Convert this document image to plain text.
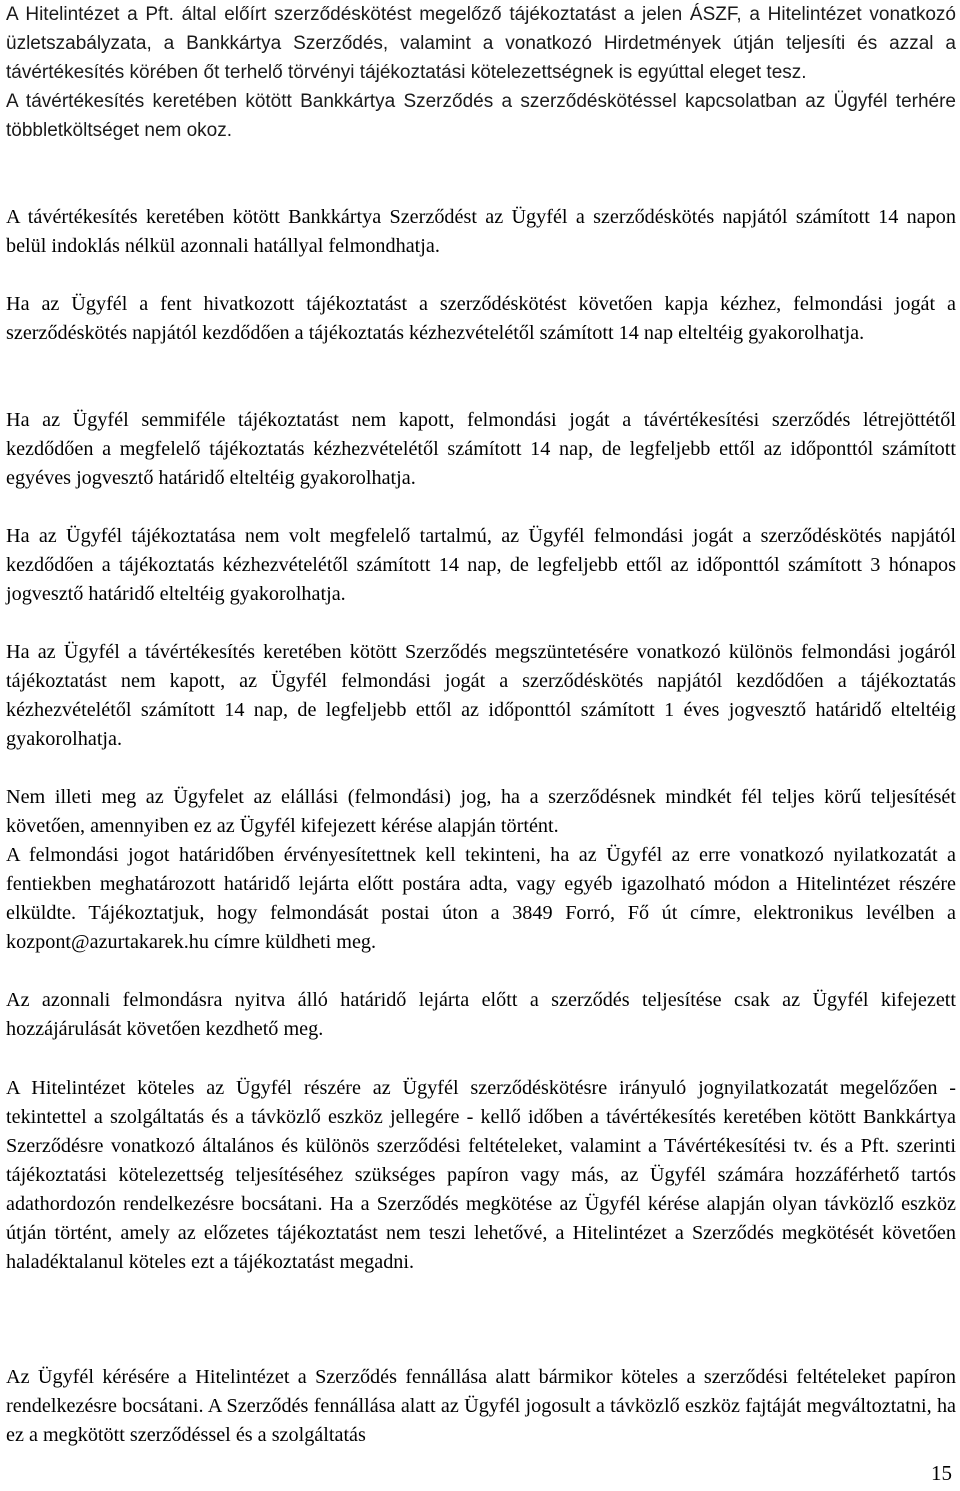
A Hitelintézet a Pft. által előírt szerződéskötést megelőző tájékoztatást a jelen ÁSZF, a Hitelintézet vonatkozó üzletszabályzata, a Bankkártya Szerződés, valamint a vonatkozó Hirdetmények útján teljesíti és azzal a távértékesítés körében őt terhelő törvényi tájékoztatási kötelezettségnek is egyúttal eleget tesz.

A távértékesítés keretében kötött Bankkártya Szerződés a szerződéskötéssel kapcsolatban az Ügyfél terhére többletköltséget nem okoz.

A távértékesítés keretében kötött Bankkártya Szerződést az Ügyfél a szerződéskötés napjától számított 14 napon belül indoklás nélkül azonnali hatállyal felmondhatja.

Ha az Ügyfél a fent hivatkozott tájékoztatást a szerződéskötést követően kapja kézhez, felmondási jogát a szerződéskötés napjától kezdődően a tájékoztatás kézhezvételétől számított 14 nap elteltéig gyakorolhatja.

Ha az Ügyfél semmiféle tájékoztatást nem kapott, felmondási jogát a távértékesítési szerződés létrejöttétől kezdődően a megfelelő tájékoztatás kézhezvételétől számított 14 nap, de legfeljebb ettől az időponttól számított egyéves jogvesztő határidő elteltéig gyakorolhatja.

Ha az Ügyfél tájékoztatása nem volt megfelelő tartalmú, az Ügyfél felmondási jogát a szerződéskötés napjától kezdődően a tájékoztatás kézhezvételétől számított 14 nap, de legfeljebb ettől az időponttól számított 3 hónapos jogvesztő határidő elteltéig gyakorolhatja.

Ha az Ügyfél a távértékesítés keretében kötött Szerződés megszüntetésére vonatkozó különös felmondási jogáról tájékoztatást nem kapott, az Ügyfél felmondási jogát a szerződéskötés napjától kezdődően a tájékoztatás kézhezvételétől számított 14 nap, de legfeljebb ettől az időponttól számított 1 éves jogvesztő határidő elteltéig gyakorolhatja.

Nem illeti meg az Ügyfelet az elállási (felmondási) jog, ha a szerződésnek mindkét fél teljes körű teljesítését követően, amennyiben ez az Ügyfél kifejezett kérése alapján történt.

A felmondási jogot határidőben érvényesítettnek kell tekinteni, ha az Ügyfél az erre vonatkozó nyilatkozatát a fentiekben meghatározott határidő lejárta előtt postára adta, vagy egyéb igazolható módon a Hitelintézet részére elküldte. Tájékoztatjuk, hogy felmondását postai úton a 3849 Forró, Fő út címre, elektronikus levélben a kozpont@azurtakarek.hu címre küldheti meg.

Az azonnali felmondásra nyitva álló határidő lejárta előtt a szerződés teljesítése csak az Ügyfél kifejezett hozzájárulását követően kezdhető meg.

A Hitelintézet köteles az Ügyfél részére az Ügyfél szerződéskötésre irányuló jognyilatkozatát megelőzően - tekintettel a szolgáltatás és a távközlő eszköz jellegére - kellő időben a távértékesítés keretében kötött Bankkártya Szerződésre vonatkozó általános és különös szerződési feltételeket, valamint a Távértékesítési tv. és a Pft. szerinti tájékoztatási kötelezettség teljesítéséhez szükséges papíron vagy más, az Ügyfél számára hozzáférhető tartós adathordozón rendelkezésre bocsátani. Ha a Szerződés megkötése az Ügyfél kérése alapján olyan távközlő eszköz útján történt, amely az előzetes tájékoztatást nem teszi lehetővé, a Hitelintézet a Szerződés megkötését követően haladéktalanul köteles ezt a tájékoztatást megadni.

Az Ügyfél kérésére a Hitelintézet a Szerződés fennállása alatt bármikor köteles a szerződési feltételeket papíron rendelkezésre bocsátani. A Szerződés fennállása alatt az Ügyfél jogosult a távközlő eszköz fajtáját megváltoztatni, ha ez a megkötött szerződéssel és a szolgáltatás

15
